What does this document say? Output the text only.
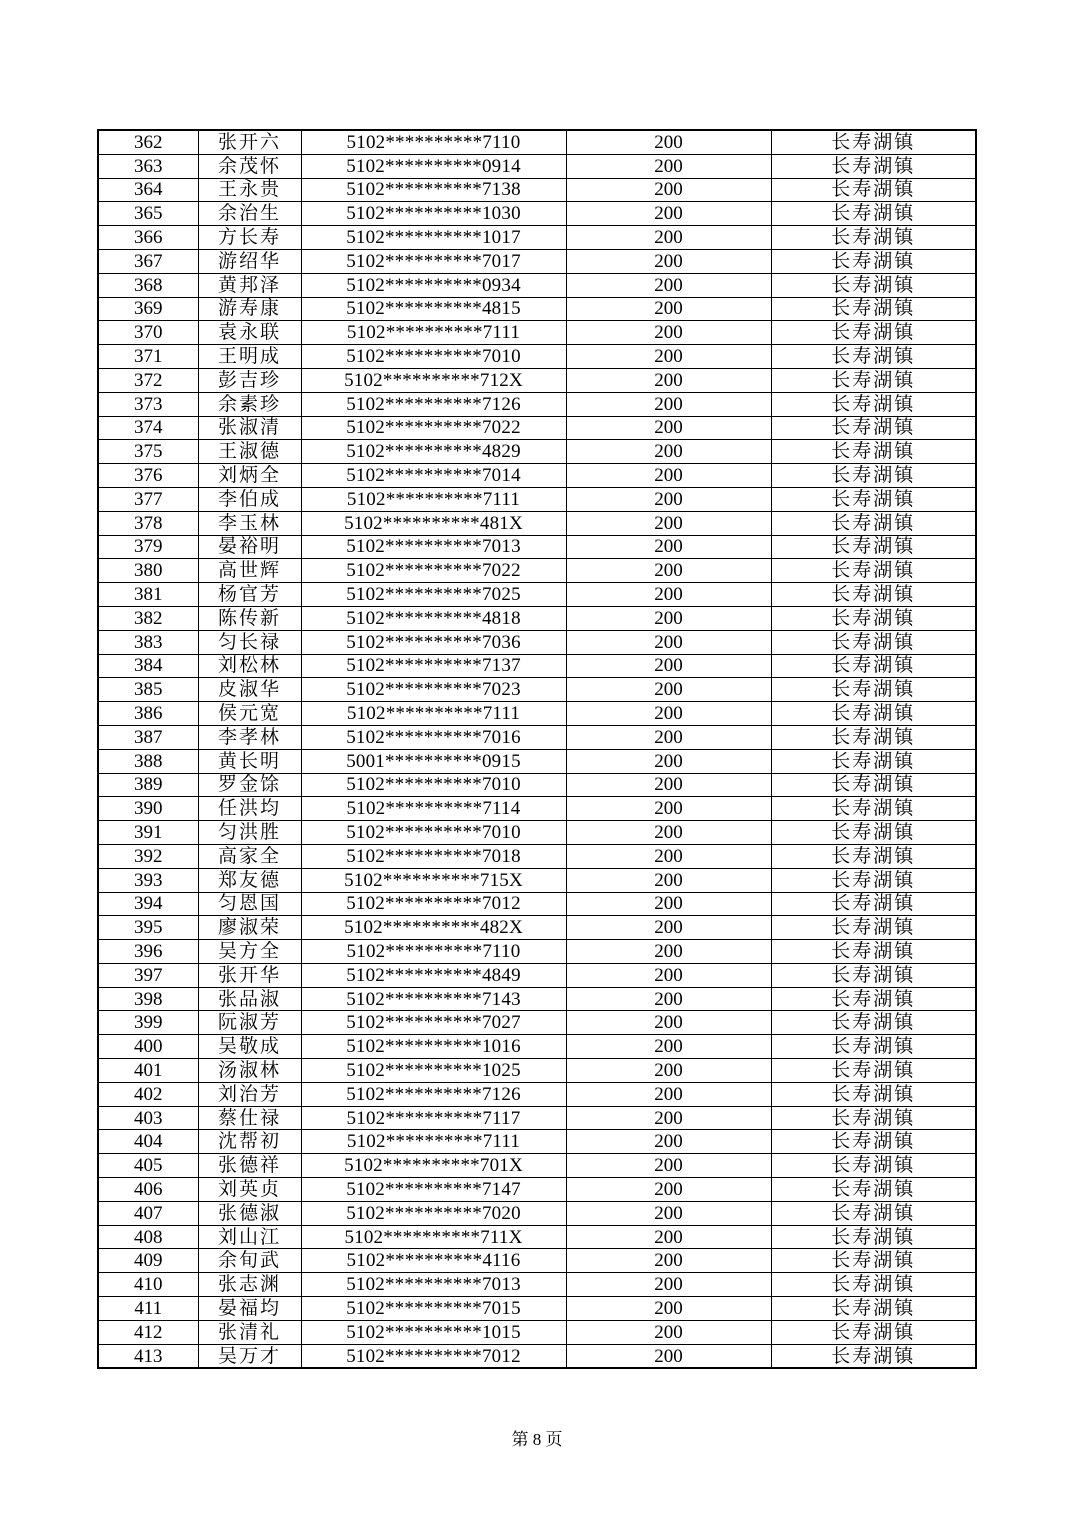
362	张开六	5102**********7110	200	长寿湖镇
363	余茂怀	5102**********0914	200	长寿湖镇
364	王永贵	5102**********7138	200	长寿湖镇
365	余治生	5102**********1030	200	长寿湖镇
366	方长寿	5102**********1017	200	长寿湖镇
367	游绍华	5102**********7017	200	长寿湖镇
368	黄邦泽	5102**********0934	200	长寿湖镇
369	游寿康	5102**********4815	200	长寿湖镇
370	袁永联	5102**********7111	200	长寿湖镇
371	王明成	5102**********7010	200	长寿湖镇
372	彭吉珍	5102**********712X	200	长寿湖镇
373	余素珍	5102**********7126	200	长寿湖镇
374	张淑清	5102**********7022	200	长寿湖镇
375	王淑德	5102**********4829	200	长寿湖镇
376	刘炳全	5102**********7014	200	长寿湖镇
377	李伯成	5102**********7111	200	长寿湖镇
378	李玉林	5102**********481X	200	长寿湖镇
379	晏裕明	5102**********7013	200	长寿湖镇
380	高世辉	5102**********7022	200	长寿湖镇
381	杨官芳	5102**********7025	200	长寿湖镇
382	陈传新	5102**********4818	200	长寿湖镇
383	匀长禄	5102**********7036	200	长寿湖镇
384	刘松林	5102**********7137	200	长寿湖镇
385	皮淑华	5102**********7023	200	长寿湖镇
386	侯元宽	5102**********7111	200	长寿湖镇
387	李孝林	5102**********7016	200	长寿湖镇
388	黄长明	5001**********0915	200	长寿湖镇
389	罗金馀	5102**********7010	200	长寿湖镇
390	任洪均	5102**********7114	200	长寿湖镇
391	匀洪胜	5102**********7010	200	长寿湖镇
392	高家全	5102**********7018	200	长寿湖镇
393	郑友德	5102**********715X	200	长寿湖镇
394	匀恩国	5102**********7012	200	长寿湖镇
395	廖淑荣	5102**********482X	200	长寿湖镇
396	吴方全	5102**********7110	200	长寿湖镇
397	张开华	5102**********4849	200	长寿湖镇
398	张品淑	5102**********7143	200	长寿湖镇
399	阮淑芳	5102**********7027	200	长寿湖镇
400	吴敬成	5102**********1016	200	长寿湖镇
401	汤淑林	5102**********1025	200	长寿湖镇
402	刘治芳	5102**********7126	200	长寿湖镇
403	蔡仕禄	5102**********7117	200	长寿湖镇
404	沈帮初	5102**********7111	200	长寿湖镇
405	张德祥	5102**********701X	200	长寿湖镇
406	刘英贞	5102**********7147	200	长寿湖镇
407	张德淑	5102**********7020	200	长寿湖镇
408	刘山江	5102**********711X	200	长寿湖镇
409	余旬武	5102**********4116	200	长寿湖镇
410	张志渊	5102**********7013	200	长寿湖镇
411	晏福均	5102**********7015	200	长寿湖镇
412	张清礼	5102**********1015	200	长寿湖镇
413	吴万才	5102**********7012	200	长寿湖镇
第 8 页
